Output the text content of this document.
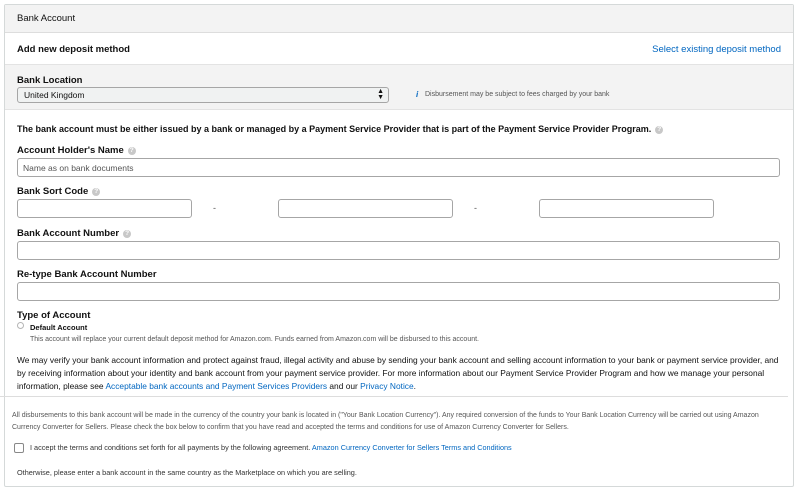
Bank Account
Add new deposit method	Select existing deposit method
Bank Location
United Kingdom	▲
▼	i Disbursement may be subject to fees charged by your bank
The bank account must be either issued by a bank or managed by a Payment Service Provider that is part of the Payment Service Provider Program. ?
Account Holder's Name ?
Name as on bank documents
Bank Sort Code ?
-	-
Bank Account Number ?
Re-type Bank Account Number
Type of Account
Default Account
This account will replace your current default deposit method for Amazon.com. Funds earned from Amazon.com will be disbursed to this account.
We may verify your bank account information and protect against fraud, illegal activity and abuse by sending your bank account and selling account information to your bank or payment service provider, and by receiving information about your identity and bank account from your payment service provider. For more information about our Payment Service Provider Program and how we manage your personal information, please see Acceptable bank accounts and Payment Services Providers and our Privacy Notice.
All disbursements to this bank account will be made in the currency of the country your bank is located in ("Your Bank Location Currency"). Any required conversion of the funds to Your Bank Location Currency will be carried out using Amazon Currency Converter for Sellers. Please check the box below to confirm that you have read and accepted the terms and conditions for use of Amazon Currency Converter for Sellers.
I accept the terms and conditions set forth for all payments by the following agreement. Amazon Currency Converter for Sellers Terms and Conditions
Otherwise, please enter a bank account in the same country as the Marketplace on which you are selling.
